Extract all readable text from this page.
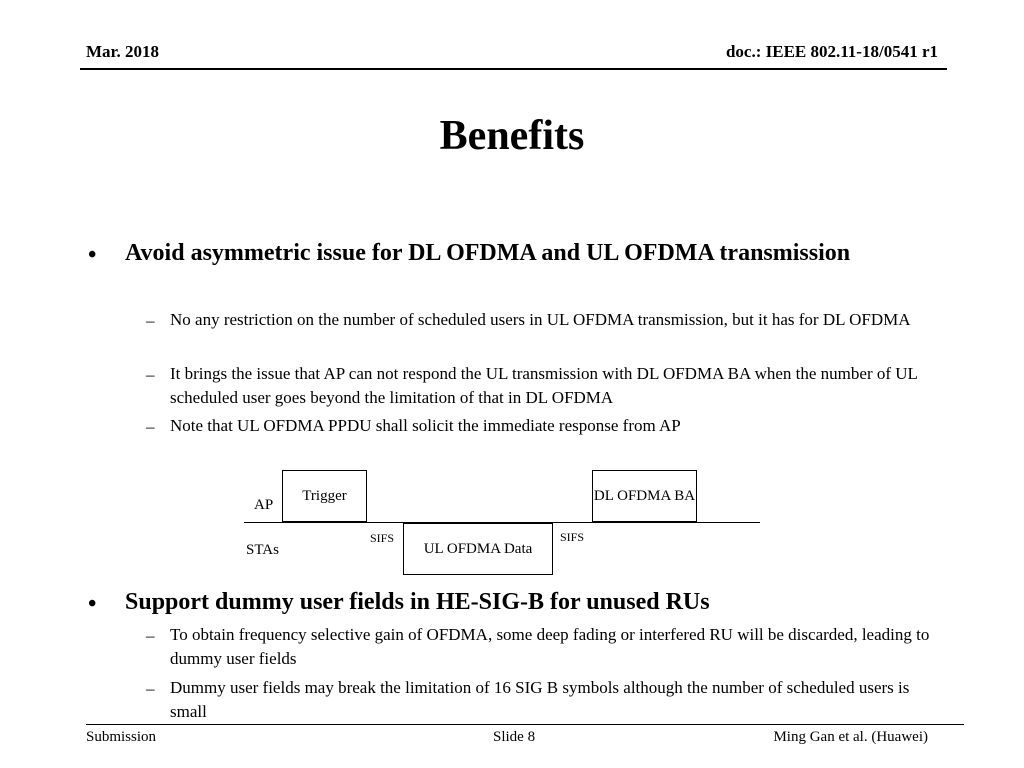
Mar. 2018	doc.: IEEE 802.11-18/0541 r1
Benefits
• Avoid asymmetric issue for DL OFDMA and UL OFDMA transmission
– No any restriction on the number of scheduled users in UL OFDMA transmission, but it has for DL OFDMA
– It brings the issue that AP can not respond the UL transmission with DL OFDMA BA when the number of UL scheduled user goes beyond the limitation of that in DL OFDMA
– Note that UL OFDMA PPDU shall solicit the immediate response from AP
AP
Trigger	DL OFDMA BA
UL OFDMA Data
SIFS	SIFS
STAs
• Support dummy user fields in HE-SIG-B for unused RUs
– To obtain frequency selective gain of OFDMA, some deep fading or interfered RU will be discarded, leading to dummy user fields
– Dummy user fields may break the limitation of 16 SIG B symbols although the number of scheduled users is small
Submission	Slide 8	Ming Gan et al. (Huawei)
